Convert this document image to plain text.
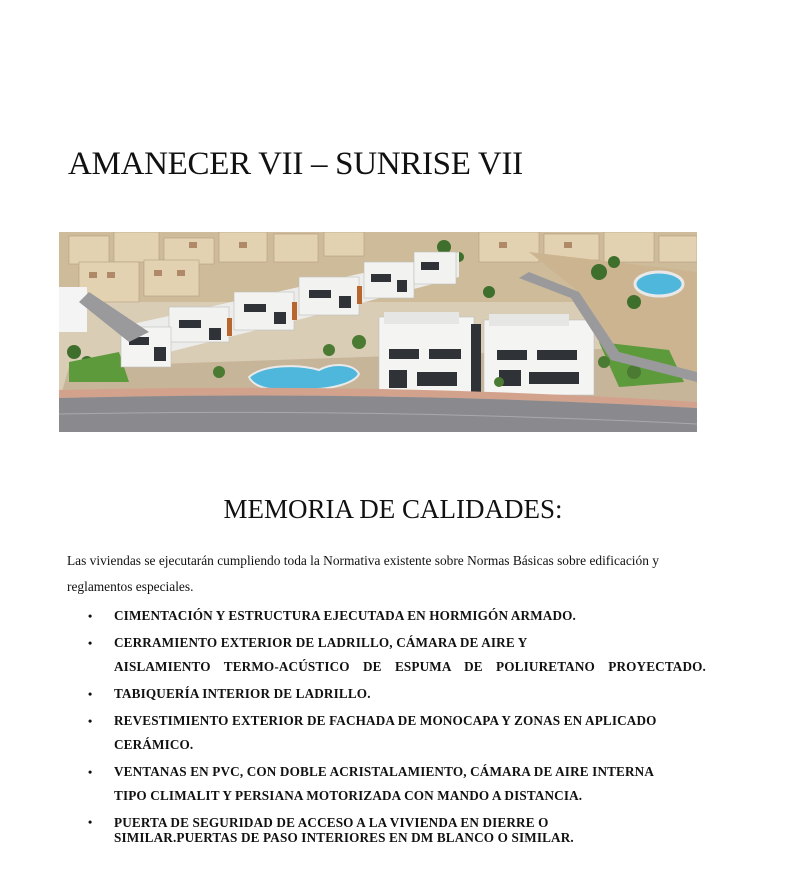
AMANECER VII – SUNRISE VII
MEMORIA DE CALIDADES:

Las viviendas se ejecutarán cumpliendo toda la Normativa existente sobre Normas Básicas sobre edificación y
reglamentos especiales.

• CIMENTACIÓN Y ESTRUCTURA EJECUTADA EN HORMIGÓN ARMADO.
• CERRAMIENTO EXTERIOR DE LADRILLO, CÁMARA DE AIRE Y
AISLAMIENTO TERMO-ACÚSTICO DE ESPUMA DE POLIURETANO PROYECTADO.
• TABIQUERÍA INTERIOR DE LADRILLO.
• REVESTIMIENTO EXTERIOR DE FACHADA DE MONOCAPA Y ZONAS EN APLICADO
CERÁMICO.
• VENTANAS EN PVC, CON DOBLE ACRISTALAMIENTO, CÁMARA DE AIRE INTERNA
TIPO CLIMALIT Y PERSIANA MOTORIZADA CON MANDO A DISTANCIA.
• PUERTA DE SEGURIDAD DE ACCESO A LA VIVIENDA EN DIERRE O
SIMILAR.PUERTAS DE PASO INTERIORES EN DM BLANCO O SIMILAR.
